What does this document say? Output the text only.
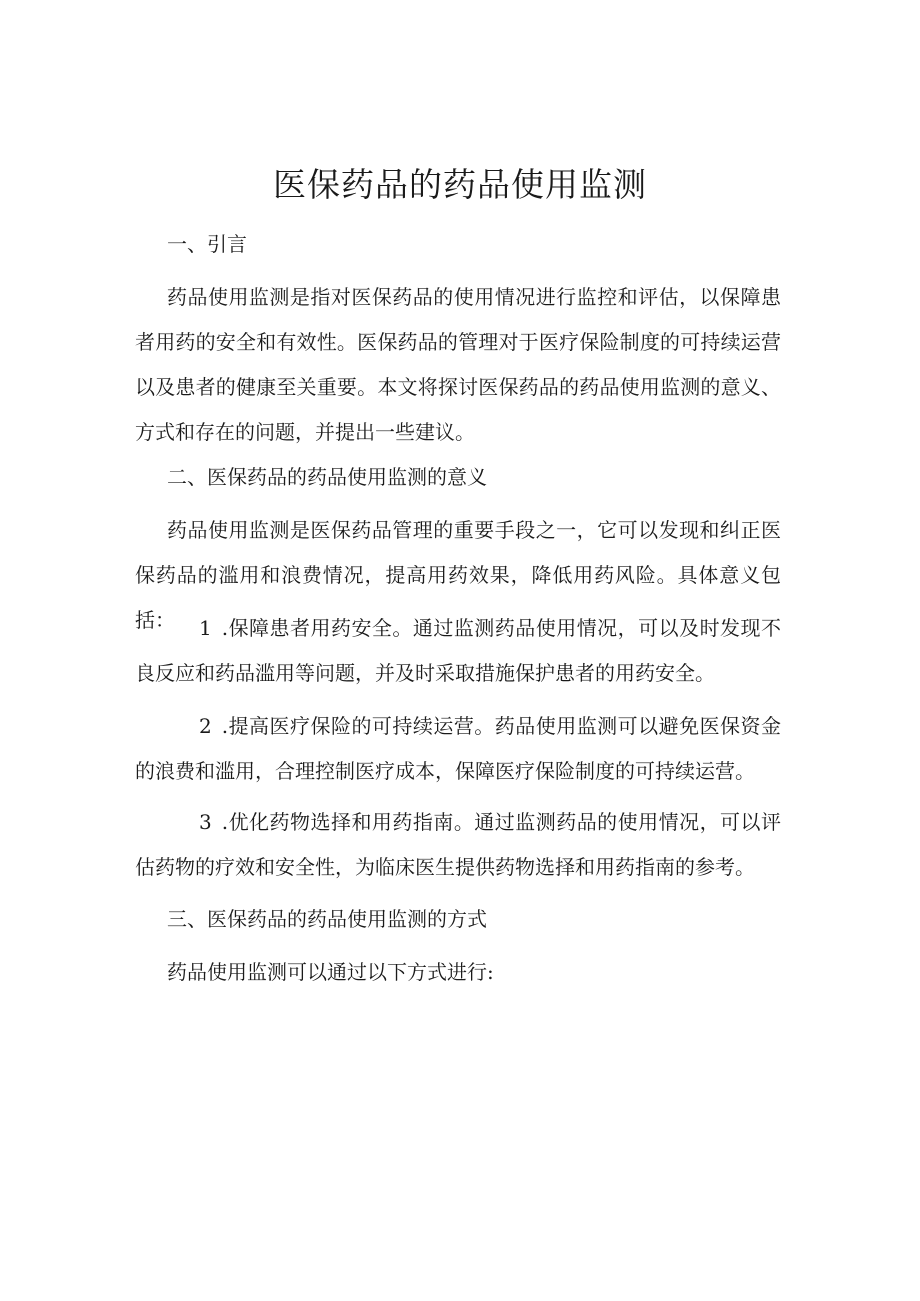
医保药品的药品使用监测
一、引言

药品使用监测是指对医保药品的使用情况进行监控和评估，以保障患者用药的安全和有效性。医保药品的管理对于医疗保险制度的可持续运营以及患者的健康至关重要。本文将探讨医保药品的药品使用监测的意义、方式和存在的问题，并提出一些建议。

二、医保药品的药品使用监测的意义

药品使用监测是医保药品管理的重要手段之一，它可以发现和纠正医保药品的滥用和浪费情况，提高用药效果，降低用药风险。具体意义包括：	1 .保障患者用药安全。通过监测药品使用情况，可以及时发现不良反应和药品滥用等问题，并及时采取措施保护患者的用药安全。

2 .提高医疗保险的可持续运营。药品使用监测可以避免医保资金的浪费和滥用，合理控制医疗成本，保障医疗保险制度的可持续运营。

3 .优化药物选择和用药指南。通过监测药品的使用情况，可以评估药物的疗效和安全性，为临床医生提供药物选择和用药指南的参考。

三、医保药品的药品使用监测的方式

药品使用监测可以通过以下方式进行:
